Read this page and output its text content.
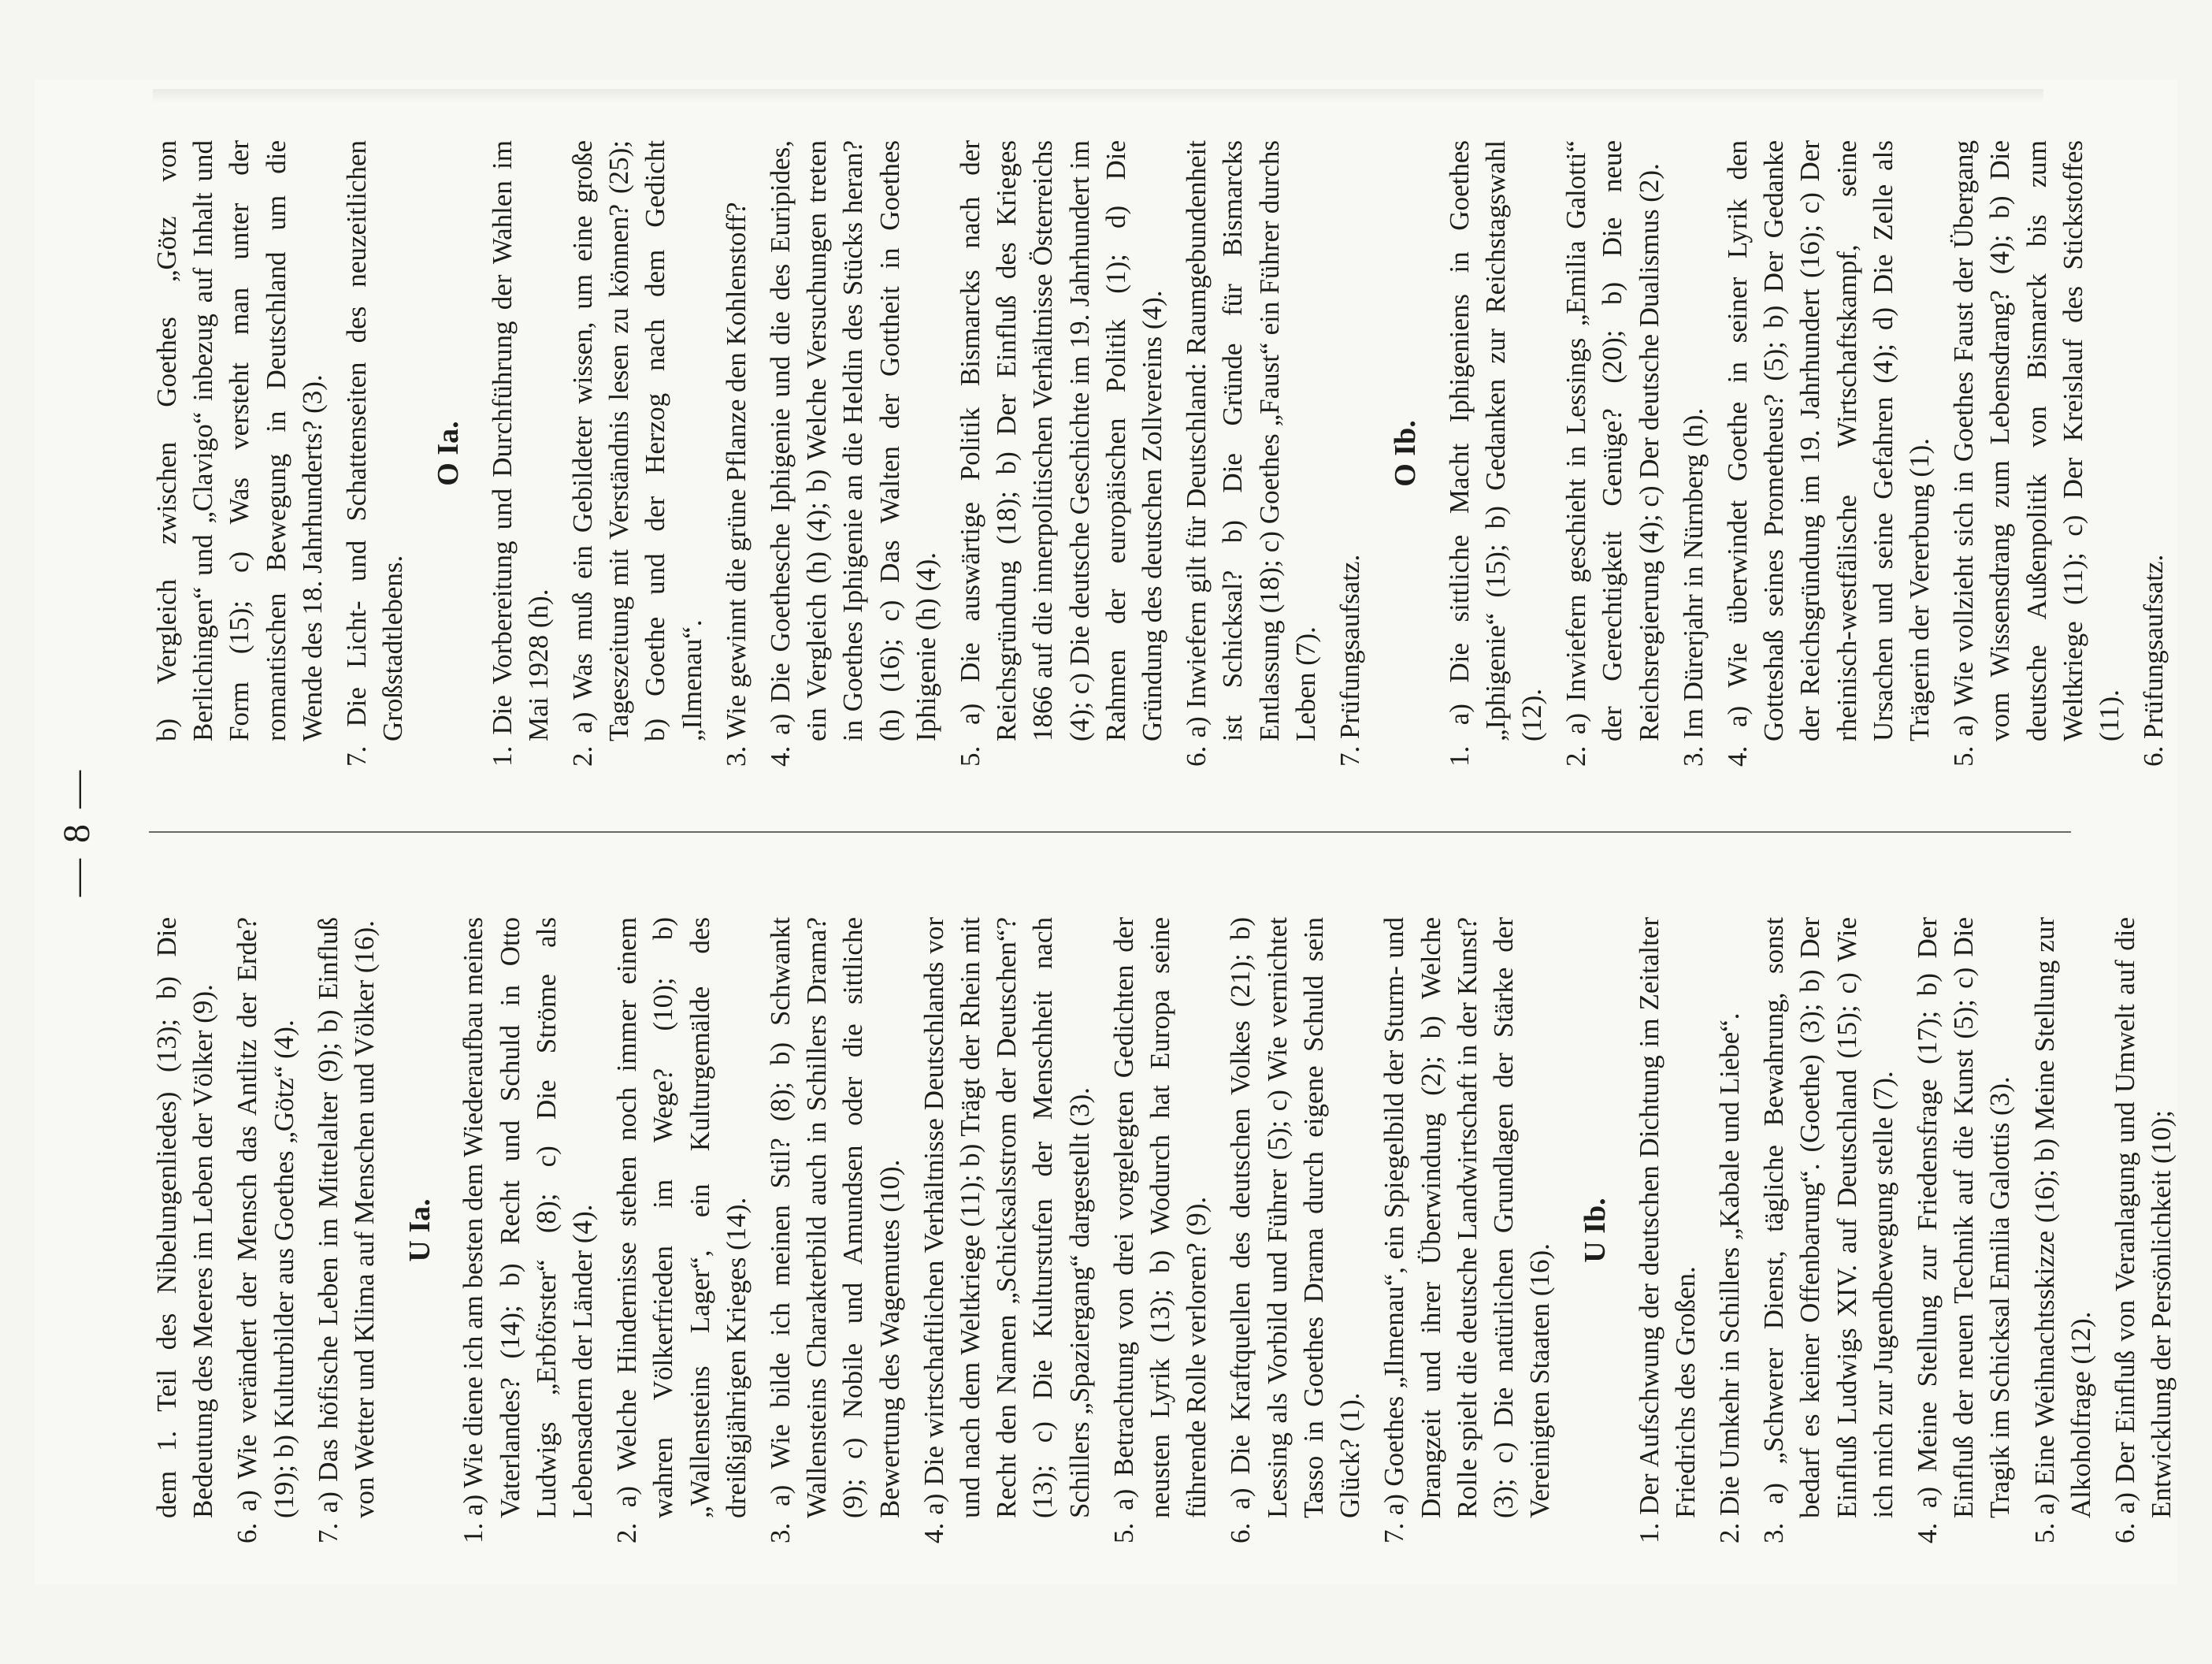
— 8 —

dem 1. Teil des Nibelungenliedes) (13); b) Die Bedeutung des Meeres im Leben der Völker (9). 6. a) Wie verändert der Mensch das Antlitz der Erde? (19); b) Kulturbilder aus Goethes „Götz“ (4). 7. a) Das höfische Leben im Mittelalter (9); b) Einfluß von Wetter und Klima auf Menschen und Völker (16). U Ia. 1. a) Wie diene ich am besten dem Wiederaufbau meines Vaterlandes? (14); b) Recht und Schuld in Otto Ludwigs „Erbförster“ (8); c) Die Ströme als Lebensadern der Länder (4). 2. a) Welche Hindernisse stehen noch immer einem wahren Völkerfrieden im Wege? (10); b) „Wallensteins Lager“, ein Kulturgemälde des dreißigjährigen Krieges (14). 3. a) Wie bilde ich meinen Stil? (8); b) Schwankt Wallensteins Charakterbild auch in Schillers Drama? (9); c) Nobile und Amundsen oder die sittliche Bewertung des Wagemutes (10). 4. a) Die wirtschaftlichen Verhältnisse Deutschlands vor und nach dem Weltkriege (11); b) Trägt der Rhein mit Recht den Namen „Schicksalsstrom der Deutschen“? (13); c) Die Kulturstufen der Menschheit nach Schillers „Spaziergang“ dargestellt (3). 5. a) Betrachtung von drei vorgelegten Gedichten der neusten Lyrik (13); b) Wodurch hat Europa seine führende Rolle verloren? (9). 6. a) Die Kraftquellen des deutschen Volkes (21); b) Lessing als Vorbild und Führer (5); c) Wie vernichtet Tasso in Goethes Drama durch eigene Schuld sein Glück? (1). 7. a) Goethes „Ilmenau“, ein Spiegelbild der Sturm- und Drangzeit und ihrer Überwindung (2); b) Welche Rolle spielt die deutsche Landwirtschaft in der Kunst? (3); c) Die natürlichen Grundlagen der Stärke der Vereinigten Staaten (16).

U Ib. 1. Der Aufschwung der deutschen Dichtung im Zeitalter Friedrichs des Großen. 2. Die Umkehr in Schillers „Kabale und Liebe“. 3. a) „Schwerer Dienst, tägliche Bewahrung, sonst bedarf es keiner Offenbarung“. (Goethe) (3); b) Der Einfluß Ludwigs XIV. auf Deutschland (15); c) Wie ich mich zur Jugendbewegung stelle (7). 4. a) Meine Stellung zur Friedensfrage (17); b) Der Einfluß der neuen Technik auf die Kunst (5); c) Die Tragik im Schicksal Emilia Galottis (3). 5. a) Eine Weihnachtsskizze (16); b) Meine Stellung zur Alkoholfrage (12). 6. a) Der Einfluß von Veranlagung und Umwelt auf die Entwicklung der Persönlichkeit (10);

b) Vergleich zwischen Goethes „Götz von Berlichingen“ und „Clavigo“ inbezug auf Inhalt und Form (15); c) Was versteht man unter der romantischen Bewegung in Deutschland um die Wende des 18. Jahrhunderts? (3). 7. Die Licht- und Schattenseiten des neuzeitlichen Großstadtlebens.

O Ia. 1. Die Vorbereitung und Durchführung der Wahlen im Mai 1928 (h). 2. a) Was muß ein Gebildeter wissen, um eine große Tageszeitung mit Verständnis lesen zu können? (25); b) Goethe und der Herzog nach dem Gedicht „Ilmenau“. 3. Wie gewinnt die grüne Pflanze den Kohlenstoff? 4. a) Die Goethesche Iphigenie und die des Euripides, ein Vergleich (h) (4); b) Welche Versuchungen treten in Goethes Iphigenie an die Heldin des Stücks heran? (h) (16); c) Das Walten der Gottheit in Goethes Iphigenie (h) (4). 5. a) Die auswärtige Politik Bismarcks nach der Reichsgründung (18); b) Der Einfluß des Krieges 1866 auf die innerpolitischen Verhältnisse Österreichs (4); c) Die deutsche Geschichte im 19. Jahrhundert im Rahmen der europäischen Politik (1); d) Die Gründung des deutschen Zollvereins (4). 6. a) Inwiefern gilt für Deutschland: Raumgebundenheit ist Schicksal? b) Die Gründe für Bismarcks Entlassung (18); c) Goethes „Faust“ ein Führer durchs Leben (7). 7. Prüfungsaufsatz.

O Ib. 1. a) Die sittliche Macht Iphigeniens in Goethes „Iphigenie“ (15); b) Gedanken zur Reichstagswahl (12). 2. a) Inwiefern geschieht in Lessings „Emilia Galotti“ der Gerechtigkeit Genüge? (20); b) Die neue Reichsregierung (4); c) Der deutsche Dualismus (2). 3. Im Dürerjahr in Nürnberg (h). 4. a) Wie überwindet Goethe in seiner Lyrik den Gotteshaß seines Prometheus? (5); b) Der Gedanke der Reichsgründung im 19. Jahrhundert (16); c) Der rheinisch-westfälische Wirtschaftskampf, seine Ursachen und seine Gefahren (4); d) Die Zelle als Trägerin der Vererbung (1). 5. a) Wie vollzieht sich in Goethes Faust der Übergang vom Wissensdrang zum Lebensdrang? (4); b) Die deutsche Außenpolitik von Bismarck bis zum Weltkriege (11); c) Der Kreislauf des Stickstoffes (11). 6. Prüfungsaufsatz.
